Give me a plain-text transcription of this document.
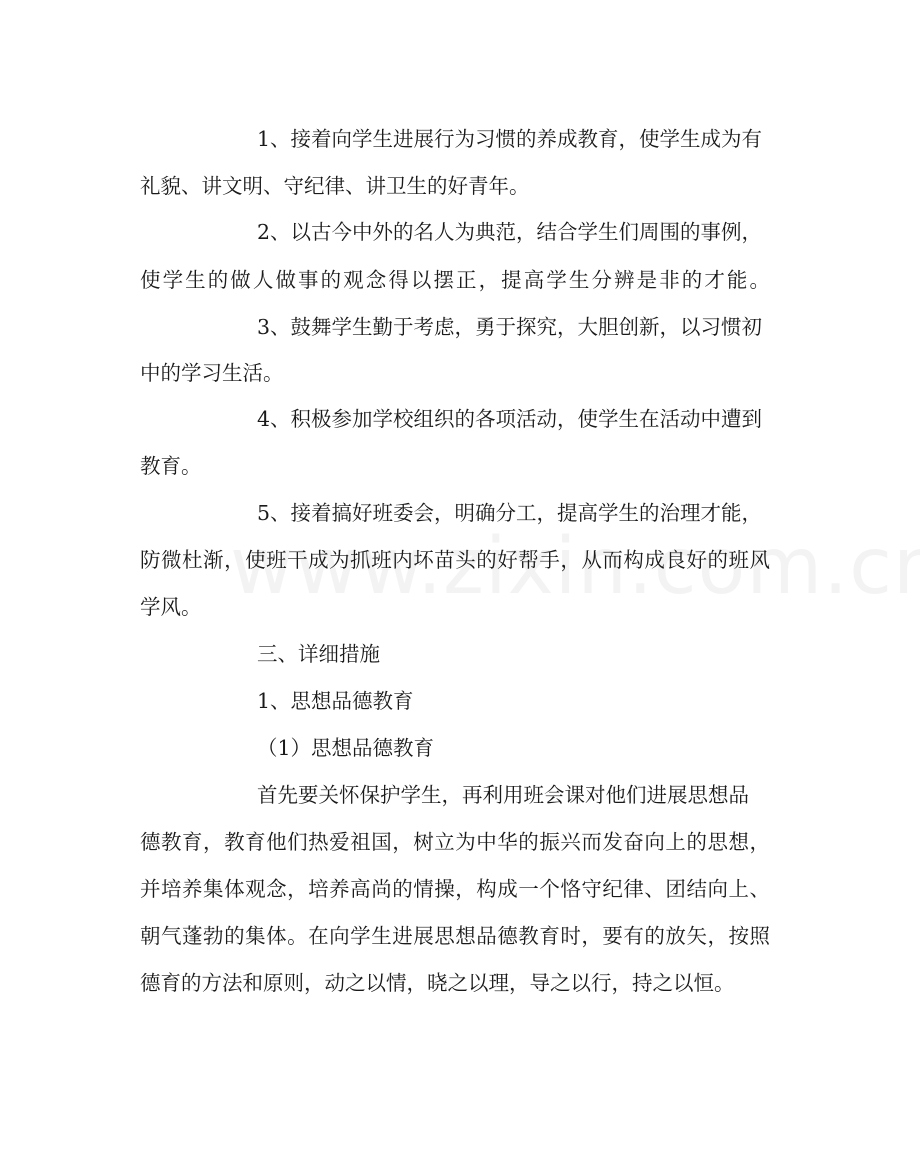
1、接着向学生进展行为习惯的养成教育，使学生成为有

礼貌、讲文明、守纪律、讲卫生的好青年。

2、以古今中外的名人为典范，结合学生们周围的事例，

使学生的做人做事的观念得以摆正，提高学生分辨是非的才能。

3、鼓舞学生勤于考虑，勇于探究，大胆创新，以习惯初

中的学习生活。

4、积极参加学校组织的各项活动，使学生在活动中遭到

教育。

5、接着搞好班委会，明确分工，提高学生的治理才能，

防微杜渐，使班干成为抓班内坏苗头的好帮手，从而构成良好的班风

学风。

三、详细措施

1、思想品德教育

（1）思想品德教育

首先要关怀保护学生，再利用班会课对他们进展思想品

德教育，教育他们热爱祖国，树立为中华的振兴而发奋向上的思想，

并培养集体观念，培养高尚的情操，构成一个恪守纪律、团结向上、

朝气蓬勃的集体。在向学生进展思想品德教育时，要有的放矢，按照

德育的方法和原则，动之以情，晓之以理，导之以行，持之以恒。
